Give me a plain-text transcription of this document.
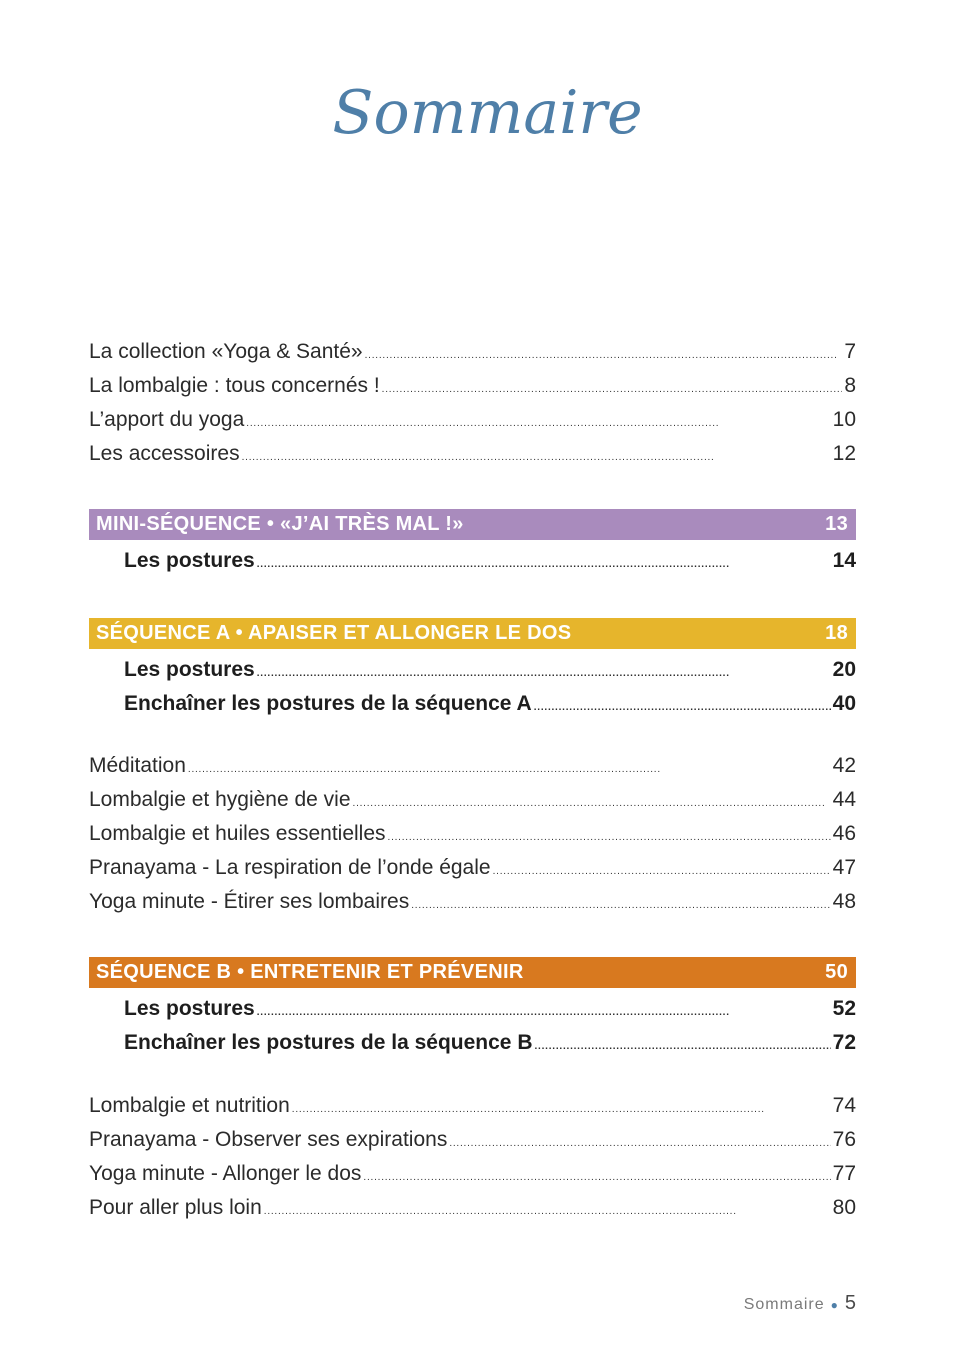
Sommaire
La collection «Yoga & Santé» . . .	7
La lombalgie : tous concernés ! . . .	8
L’apport du yoga . . .	10
Les accessoires . . .	12
MINI-SÉQUENCE • «J’AI TRÈS MAL !»	13
Les postures . . .	14
SÉQUENCE A • APAISER ET ALLONGER LE DOS	18
Les postures . . .	20
Enchaîner les postures de la séquence A . . .	40
Méditation . . .	42
Lombalgie et hygiène de vie . . .	44
Lombalgie et huiles essentielles . . .	46
Pranayama - La respiration de l’onde égale . . .	47
Yoga minute - Étirer ses lombaires . . .	48
SÉQUENCE B • ENTRETENIR ET PRÉVENIR	50
Les postures . . .	52
Enchaîner les postures de la séquence B . . .	72
Lombalgie et nutrition . . .	74
Pranayama - Observer ses expirations . . .	76
Yoga minute - Allonger le dos . . .	77
Pour aller plus loin . . .	80
Sommaire ● 5
